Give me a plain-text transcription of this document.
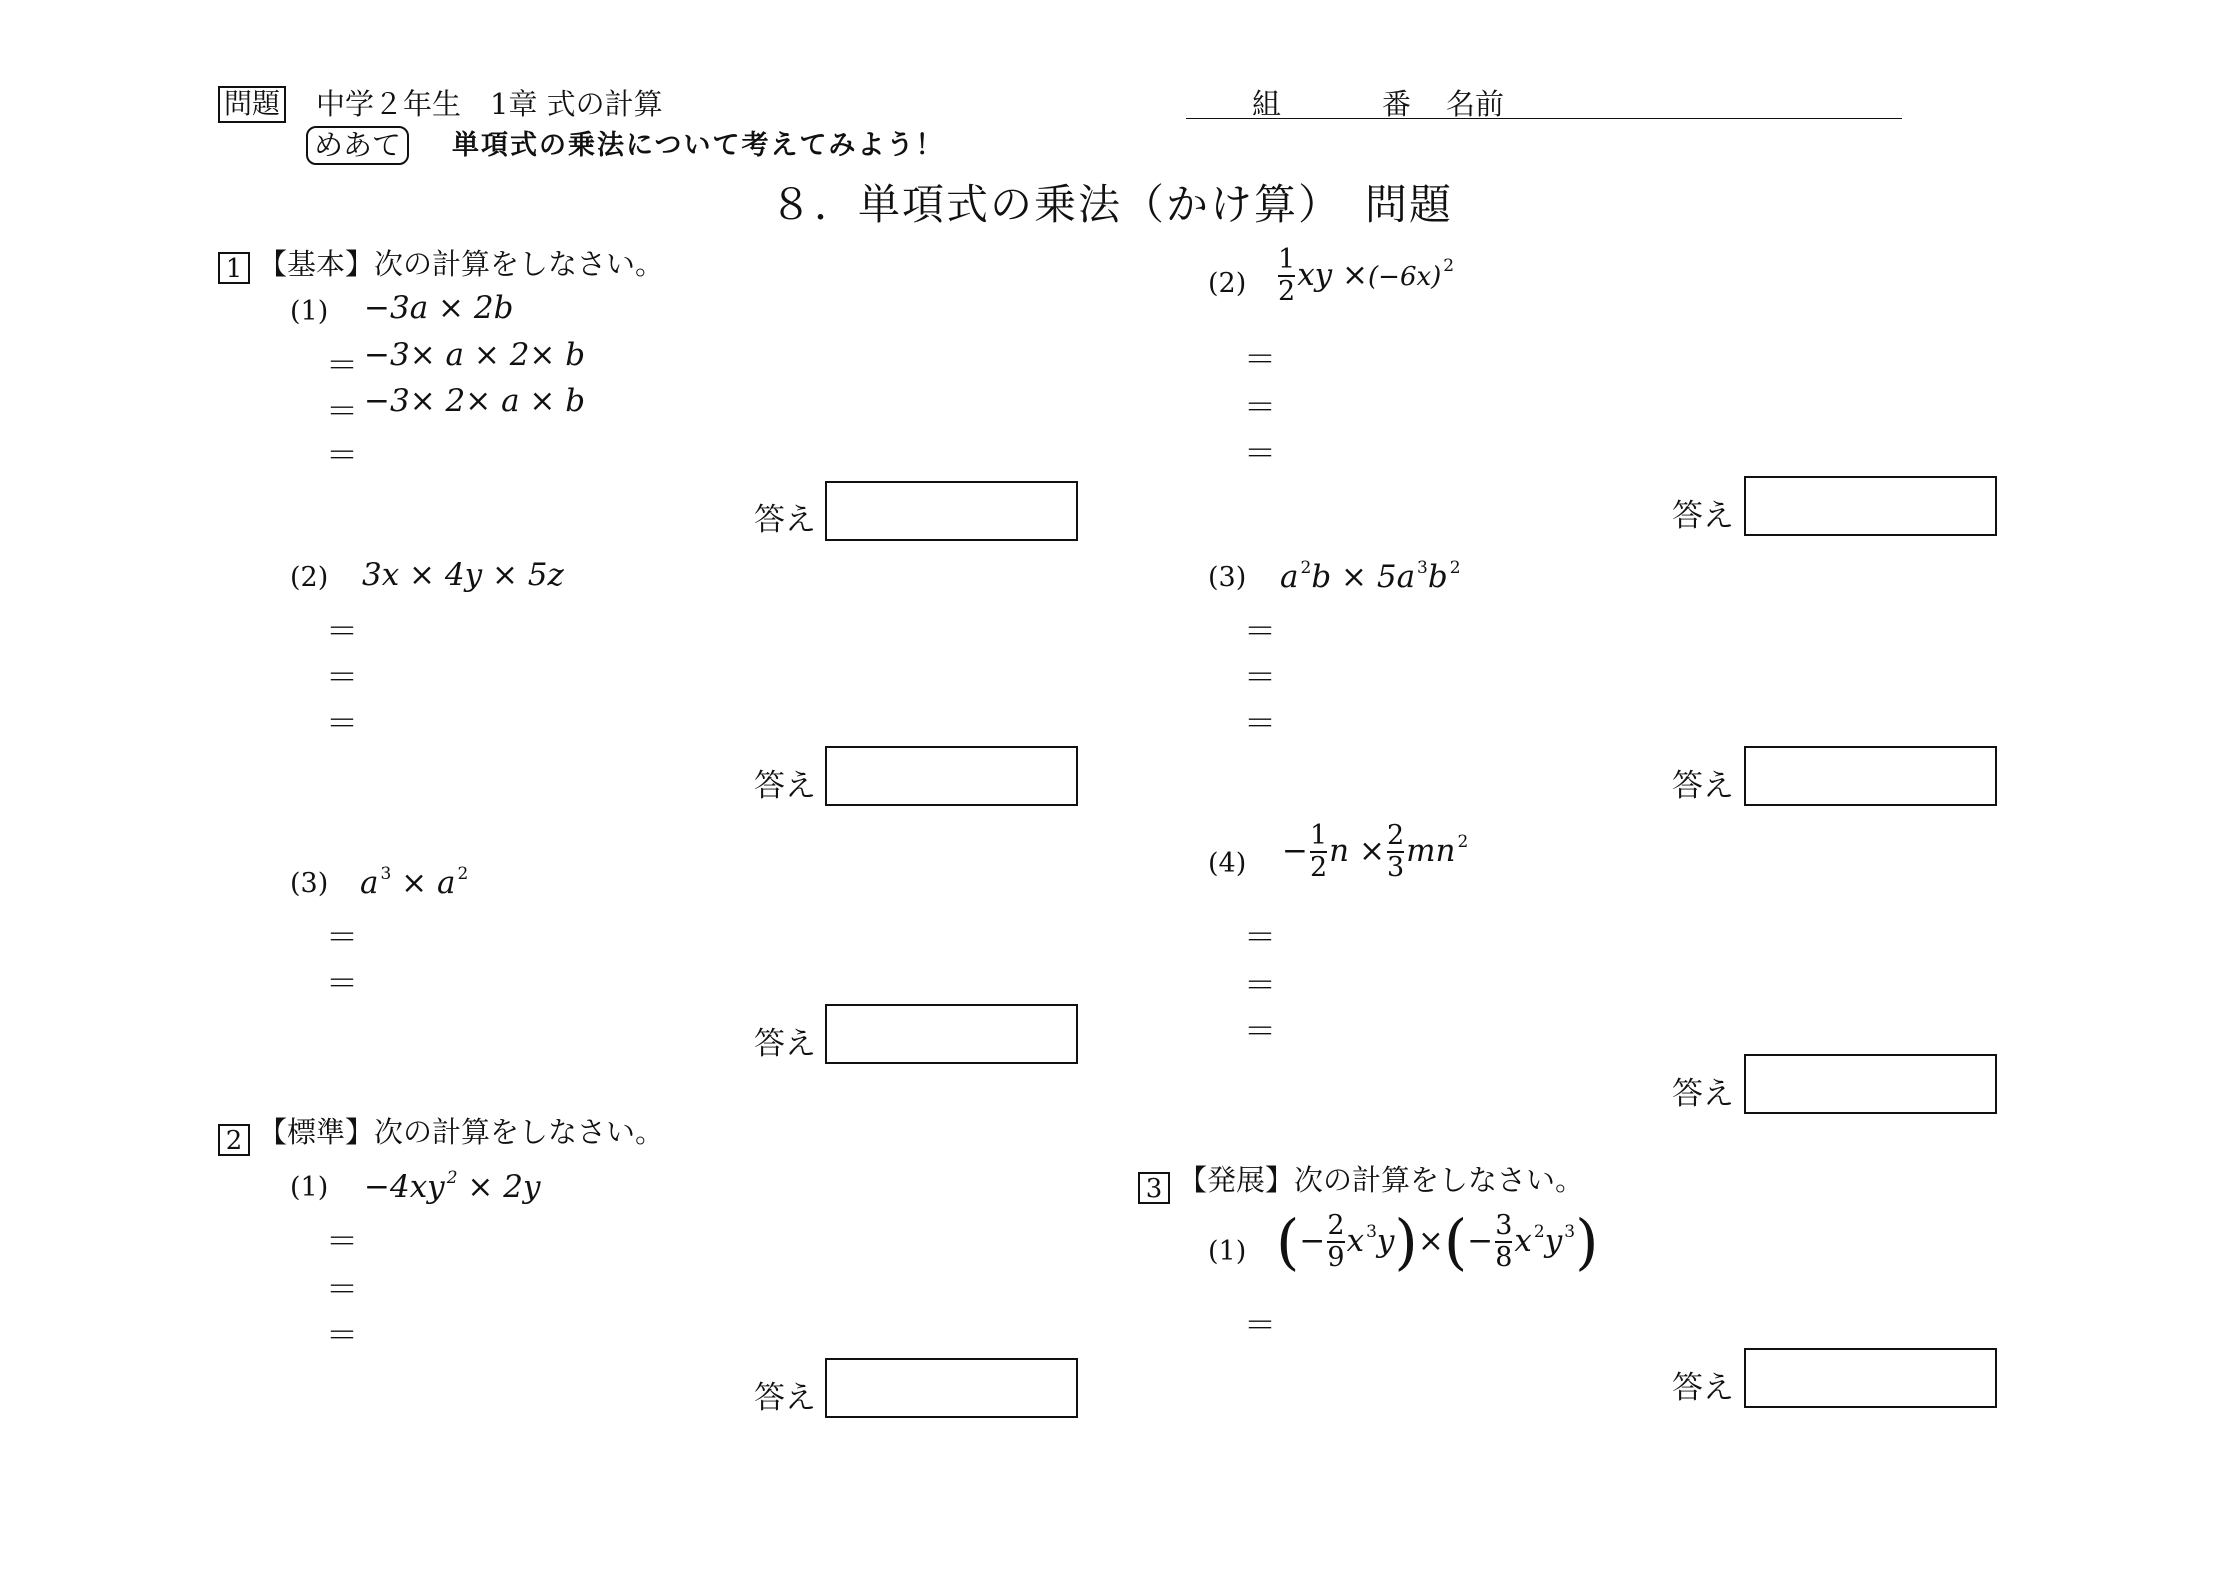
問題 中学２年生　1章 式の計算	組	番 名前
めあて 単項式の乗法について考えてみよう！
８．単項式の乗法（かけ算）　問題
1 【基本】次の計算をしなさい。
(1) −3a × 2b
＝ −3× a × 2× b
＝ −3× 2× a × b
＝
答え
(2) 3x × 4y × 5z
＝
＝
＝
答え
(3) a $^3$ × a $^2$
＝
＝
答え
2 【標準】次の計算をしなさい。
(1) −4xy $^2$ × 2y
＝
＝
＝
答え
$(2) \frac{1}{2}$ xy ×(−6x) $^2$
＝
＝
＝
答え
(3) a $^2$b × 5a $^3$b $^2$
＝
＝
＝
答え
$(4) - \frac{1}{2}$ $n \times \frac{2}{3}$ mn $^2$
＝
＝
＝
答え
3 【発展】次の計算をしなさい。
(1) (− $\frac{2}{9}$ x $^3y)\times(- \frac{3}{8}$ x $^2$y $^3$)
＝
答え
